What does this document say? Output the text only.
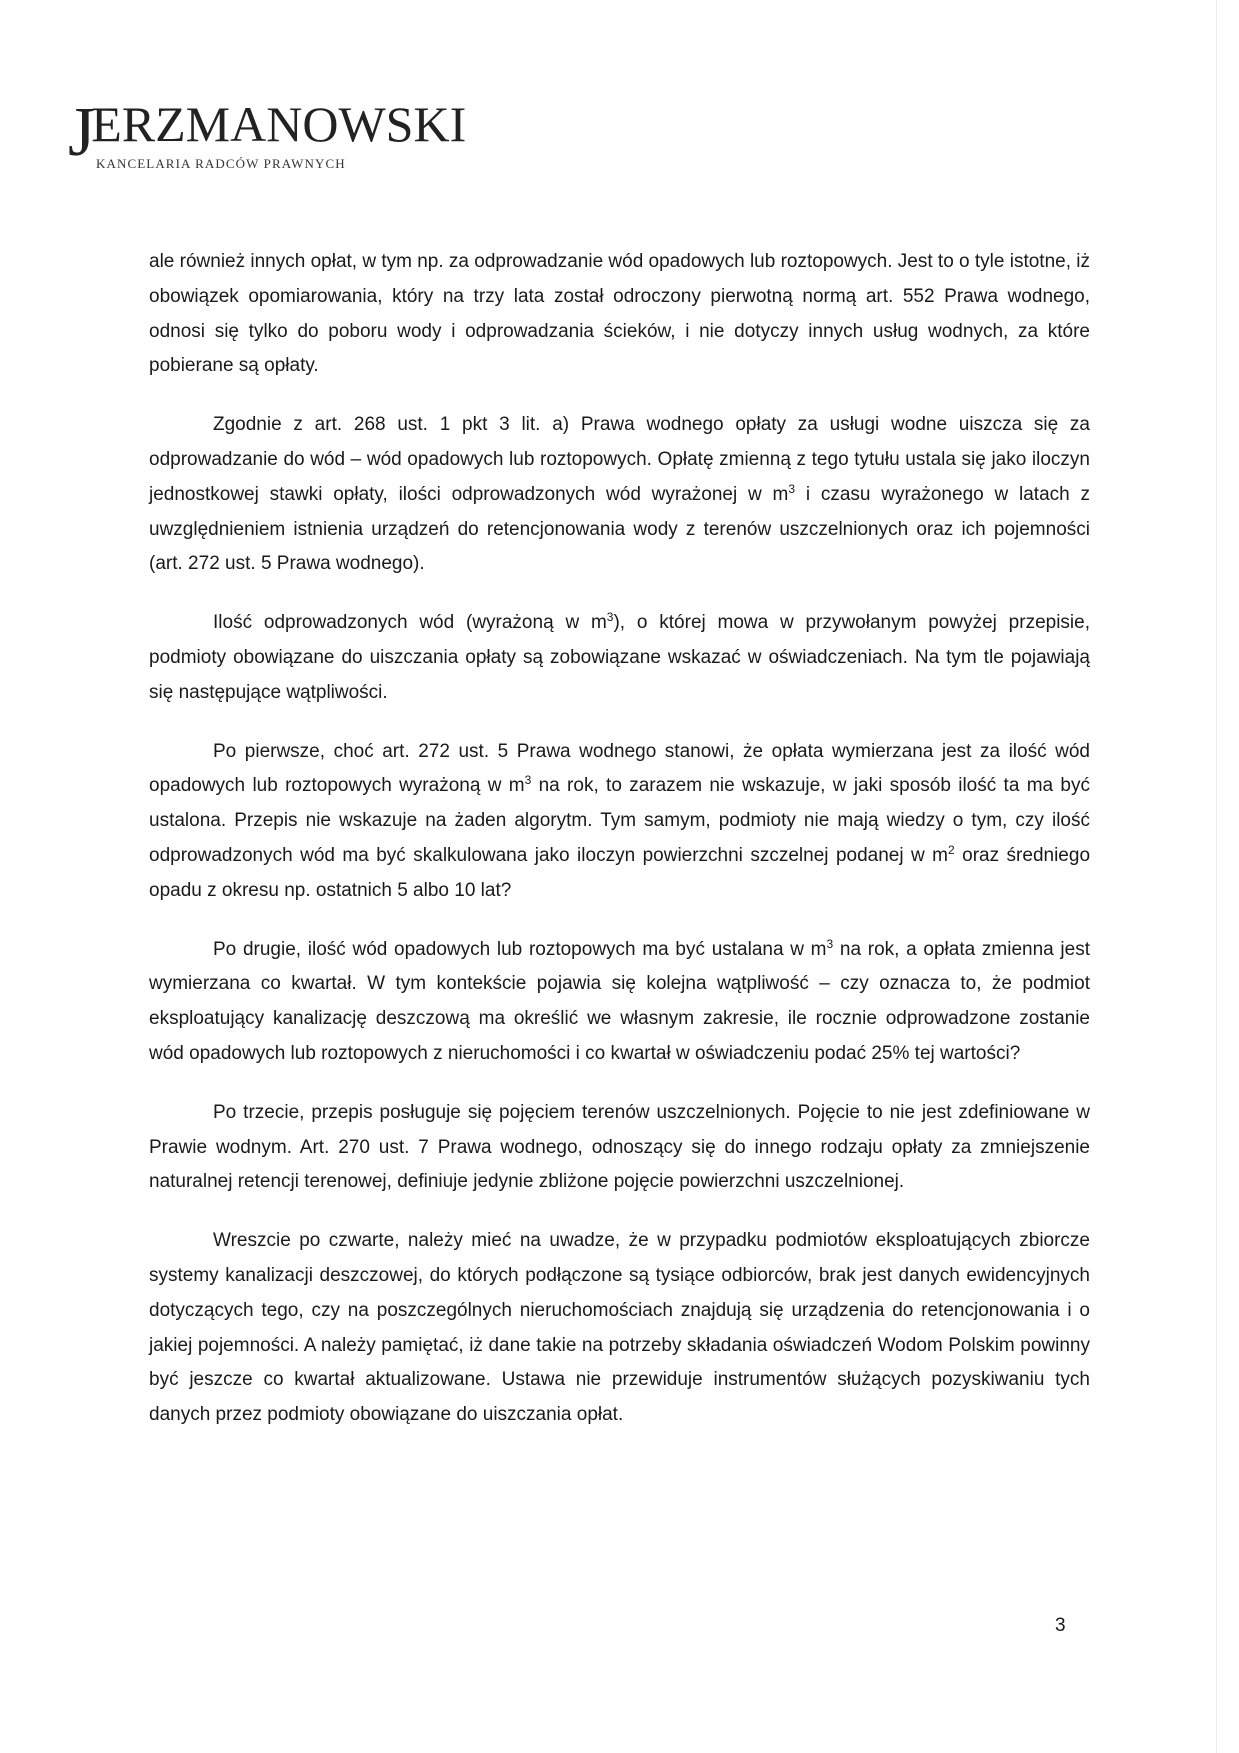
JERZMANOWSKI
KANCELARIA RADCÓW PRAWNYCH

ale również innych opłat, w tym np. za odprowadzanie wód opadowych lub roztopowych. Jest to o tyle istotne, iż obowiązek opomiarowania, który na trzy lata został odroczony pierwotną normą art. 552 Prawa wodnego, odnosi się tylko do poboru wody i odprowadzania ścieków, i nie dotyczy innych usług wodnych, za które pobierane są opłaty.

Zgodnie z art. 268 ust. 1 pkt 3 lit. a) Prawa wodnego opłaty za usługi wodne uiszcza się za odprowadzanie do wód – wód opadowych lub roztopowych. Opłatę zmienną z tego tytułu ustala się jako iloczyn jednostkowej stawki opłaty, ilości odprowadzonych wód wyrażonej w $m^3$ i czasu wyrażonego w latach z uwzględnieniem istnienia urządzeń do retencjonowania wody z terenów uszczelnionych oraz ich pojemności (art. 272 ust. 5 Prawa wodnego).

Ilość odprowadzonych wód (wyrażoną w $m^3$), o której mowa w przywołanym powyżej przepisie, podmioty obowiązane do uiszczania opłaty są zobowiązane wskazać w oświadczeniach. Na tym tle pojawiają się następujące wątpliwości.

Po pierwsze, choć art. 272 ust. 5 Prawa wodnego stanowi, że opłata wymierzana jest za ilość wód opadowych lub roztopowych wyrażoną w $m^3$ na rok, to zarazem nie wskazuje, w jaki sposób ilość ta ma być ustalona. Przepis nie wskazuje na żaden algorytm. Tym samym, podmioty nie mają wiedzy o tym, czy ilość odprowadzonych wód ma być skalkulowana jako iloczyn powierzchni szczelnej podanej w $m^2$ oraz średniego opadu z okresu np. ostatnich 5 albo 10 lat?

Po drugie, ilość wód opadowych lub roztopowych ma być ustalana w $m^3$ na rok, a opłata zmienna jest wymierzana co kwartał. W tym kontekście pojawia się kolejna wątpliwość – czy oznacza to, że podmiot eksploatujący kanalizację deszczową ma określić we własnym zakresie, ile rocznie odprowadzone zostanie wód opadowych lub roztopowych z nieruchomości i co kwartał w oświadczeniu podać 25% tej wartości?

Po trzecie, przepis posługuje się pojęciem terenów uszczelnionych. Pojęcie to nie jest zdefiniowane w Prawie wodnym. Art. 270 ust. 7 Prawa wodnego, odnoszący się do innego rodzaju opłaty za zmniejszenie naturalnej retencji terenowej, definiuje jedynie zbliżone pojęcie powierzchni uszczelnionej.

Wreszcie po czwarte, należy mieć na uwadze, że w przypadku podmiotów eksploatujących zbiorcze systemy kanalizacji deszczowej, do których podłączone są tysiące odbiorców, brak jest danych ewidencyjnych dotyczących tego, czy na poszczególnych nieruchomościach znajdują się urządzenia do retencjonowania i o jakiej pojemności. A należy pamiętać, iż dane takie na potrzeby składania oświadczeń Wodom Polskim powinny być jeszcze co kwartał aktualizowane. Ustawa nie przewiduje instrumentów służących pozyskiwaniu tych danych przez podmioty obowiązane do uiszczania opłat.

3
